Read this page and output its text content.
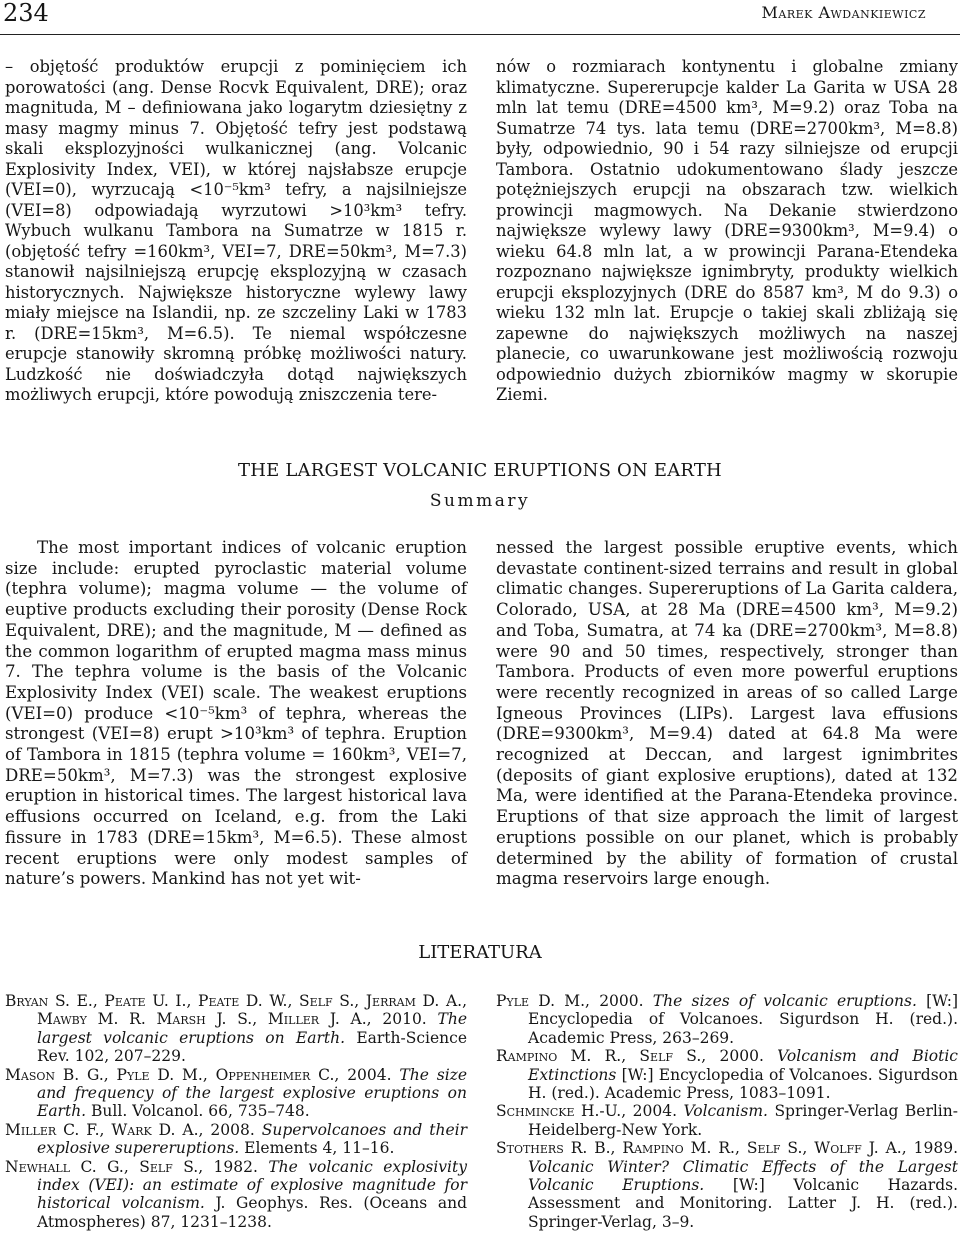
234	Marek Awdankiewicz

– objętość produktów erupcji z pominięciem ich porowatości (ang. Dense Rocvk Equivalent, DRE); oraz magnituda, M – definiowana jako logarytm dziesiętny z masy magmy minus 7. Objętość tefry jest podstawą skali eksplozyjności wulkanicznej (ang. Volcanic Explosivity Index, VEI), w której najsłabsze erupcje (VEI=0), wyrzucają <10⁻⁵km³ tefry, a najsilniejsze (VEI=8) odpowiadają wyrzutowi >10³km³ tefry. Wybuch wulkanu Tambora na Sumatrze w 1815 r. (objętość tefry =160km³, VEI=7, DRE=50km³, M=7.3) stanowił najsilniejszą erupcję eksplozyjną w czasach historycznych. Największe historyczne wylewy lawy miały miejsce na Islandii, np. ze szczeliny Laki w 1783 r. (DRE=15km³, M=6.5). Te niemal współczesne erupcje stanowiły skromną próbkę możliwości natury. Ludzkość nie doświadczyła dotąd największych możliwych erupcji, które powodują zniszczenia tere-

nów o rozmiarach kontynentu i globalne zmiany klimatyczne. Supererupcje kalder La Garita w USA 28 mln lat temu (DRE=4500 km³, M=9.2) oraz Toba na Sumatrze 74 tys. lata temu (DRE=2700km³, M=8.8) były, odpowiednio, 90 i 54 razy silniejsze od erupcji Tambora. Ostatnio udokumentowano ślady jeszcze potężniejszych erupcji na obszarach tzw. wielkich prowincji magmowych. Na Dekanie stwierdzono największe wylewy lawy (DRE=9300km³, M=9.4) o wieku 64.8 mln lat, a w prowincji Parana-Etendeka rozpoznano największe ignimbryty, produkty wielkich erupcji eksplozyjnych (DRE do 8587 km³, M do 9.3) o wieku 132 mln lat. Erupcje o takiej skali zbliżają się zapewne do największych możliwych na naszej planecie, co uwarunkowane jest możliwością rozwoju odpowiednio dużych zbiorników magmy w skorupie Ziemi.

THE LARGEST VOLCANIC ERUPTIONS ON EARTH
Summary

The most important indices of volcanic eruption size include: erupted pyroclastic material volume (tephra volume); magma volume — the volume of euptive products excluding their porosity (Dense Rock Equivalent, DRE); and the magnitude, M — defined as the common logarithm of erupted magma mass minus 7. The tephra volume is the basis of the Volcanic Explosivity Index (VEI) scale. The weakest eruptions (VEI=0) produce <10⁻⁵km³ of tephra, whereas the strongest (VEI=8) erupt >10³km³ of tephra. Eruption of Tambora in 1815 (tephra volume = 160km³, VEI=7, DRE=50km³, M=7.3) was the strongest explosive eruption in historical times. The largest historical lava effusions occurred on Iceland, e.g. from the Laki fissure in 1783 (DRE=15km³, M=6.5). These almost recent eruptions were only modest samples of nature’s powers. Mankind has not yet wit-

nessed the largest possible eruptive events, which devastate continent-sized terrains and result in global climatic changes. Supereruptions of La Garita caldera, Colorado, USA, at 28 Ma (DRE=4500 km³, M=9.2) and Toba, Sumatra, at 74 ka (DRE=2700km³, M=8.8) were 90 and 50 times, respectively, stronger than Tambora. Products of even more powerful eruptions were recently recognized in areas of so called Large Igneous Provinces (LIPs). Largest lava effusions (DRE=9300km³, M=9.4) dated at 64.8 Ma were recognized at Deccan, and largest ignimbrites (deposits of giant explosive eruptions), dated at 132 Ma, were identified at the Parana-Etendeka province. Eruptions of that size approach the limit of largest eruptions possible on our planet, which is probably determined by the ability of formation of crustal magma reservoirs large enough.

LITERATURA
Bryan S. E., Peate U. I., Peate D. W., Self S., Jerram D. A., Mawby M. R. Marsh J. S., Miller J. A., 2010. The largest volcanic eruptions on Earth. Earth-Science Rev. 102, 207–229.
Mason B. G., Pyle D. M., Oppenheimer C., 2004. The size and frequency of the largest explosive eruptions on Earth. Bull. Volcanol. 66, 735–748.
Miller C. F., Wark D. A., 2008. Supervolcanoes and their explosive supereruptions. Elements 4, 11–16.
Newhall C. G., Self S., 1982. The volcanic explosivity index (VEI): an estimate of explosive magnitude for historical volcanism. J. Geophys. Res. (Oceans and Atmospheres) 87, 1231–1238.
Pyle D. M., 2000. The sizes of volcanic eruptions. [W:] Encyclopedia of Volcanoes. Sigurdson H. (red.). Academic Press, 263–269.
Rampino M. R., Self S., 2000. Volcanism and Biotic Extinctions [W:] Encyclopedia of Volcanoes. Sigurdson H. (red.). Academic Press, 1083–1091.
Schmincke H.-U., 2004. Volcanism. Springer-Verlag Berlin-Heidelberg-New York.
Stothers R. B., Rampino M. R., Self S., Wolff J. A., 1989. Volcanic Winter? Climatic Effects of the Largest Volcanic Eruptions. [W:] Volcanic Hazards. Assessment and Monitoring. Latter J. H. (red.). Springer-Verlag, 3–9.
